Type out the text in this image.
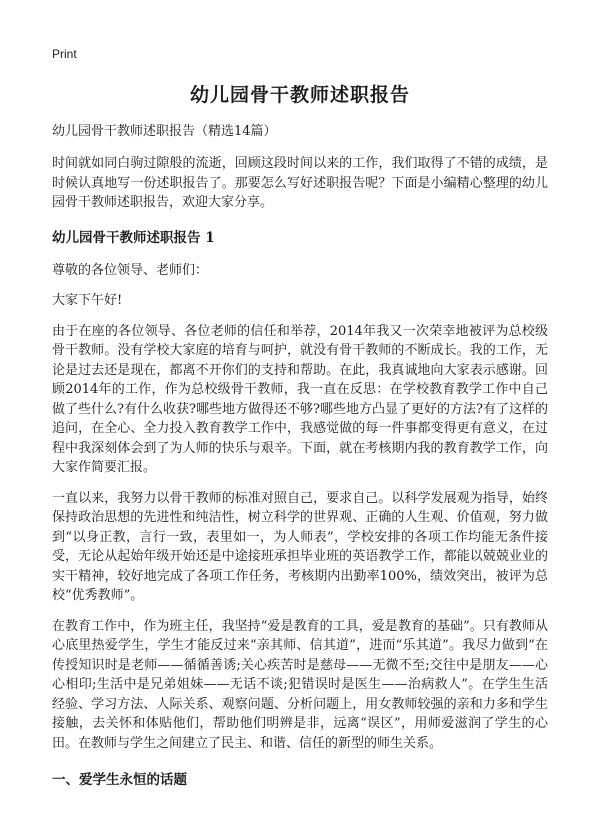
Print
幼儿园骨干教师述职报告
幼儿园骨干教师述职报告（精选14篇）

时间就如同白驹过隙般的流逝，回顾这段时间以来的工作，我们取得了不错的成绩，是时候认真地写一份述职报告了。那要怎么写好述职报告呢？下面是小编精心整理的幼儿园骨干教师述职报告，欢迎大家分享。

幼儿园骨干教师述职报告 1

尊敬的各位领导、老师们：

大家下午好!

由于在座的各位领导、各位老师的信任和举荐，2014年我又一次荣幸地被评为总校级骨干教师。没有学校大家庭的培育与呵护，就没有骨干教师的不断成长。我的工作，无论是过去还是现在，都离不开你们的支持和帮助。在此，我真诚地向大家表示感谢。回顾2014年的工作，作为总校级骨干教师，我一直在反思：在学校教育教学工作中自己做了些什么?有什么收获?哪些地方做得还不够?哪些地方凸显了更好的方法?有了这样的追问，在全心、全力投入教育教学工作中，我感觉做的每一件事都变得更有意义，在过程中我深刻体会到了为人师的快乐与艰辛。下面，就在考核期内我的教育教学工作，向大家作简要汇报。

一直以来，我努力以骨干教师的标准对照自己，要求自己。以科学发展观为指导，始终保持政治思想的先进性和纯洁性，树立科学的世界观、正确的人生观、价值观，努力做到“以身正教，言行一致，表里如一，为人师表”，学校安排的各项工作均能无条件接受，无论从起始年级开始还是中途接班承担毕业班的英语教学工作，都能以兢兢业业的实干精神，较好地完成了各项工作任务，考核期内出勤率100%，绩效突出，被评为总校“优秀教师”。

在教育工作中，作为班主任，我坚持“爱是教育的工具，爱是教育的基础”。只有教师从心底里热爱学生，学生才能反过来“亲其师、信其道”，进而“乐其道”。我尽力做到“在传授知识时是老师——循循善诱;关心疾苦时是慈母——无微不至;交往中是朋友——心心相印;生活中是兄弟姐妹——无话不谈;犯错误时是医生——治病救人”。在学生生活经验、学习方法、人际关系、观察问题、分析问题上，用女教师较强的亲和力多和学生接触，去关怀和体贴他们，帮助他们明辨是非，远离“误区”，用师爱滋润了学生的心田。在教师与学生之间建立了民主、和谐、信任的新型的师生关系。

一、爱学生永恒的话题
